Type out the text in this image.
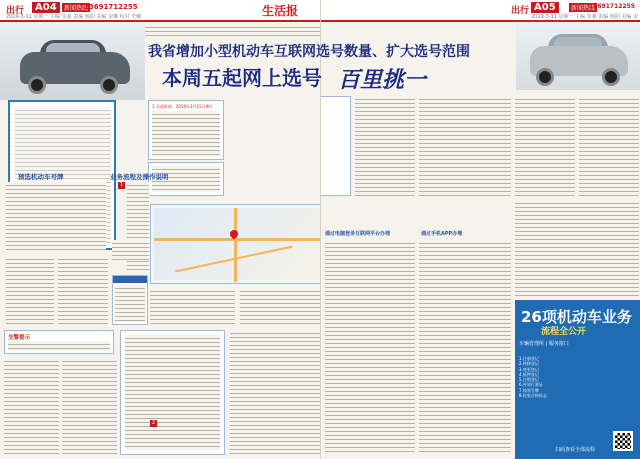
出行	A04	新闻热线
13691712255
2019-3-11 星期一 主编 朱强 责编 杨阳 美编 宋琳 校对 史曦	生活报
1.开通时间：2019年3月15日9时
预选机动车号牌	业务流程及操作说明
1
交警提示
2
新闻热线
13691712255
A05
出行
2019-3-11 星期一 主编 朱强 责编 杨阳 美编 宋
通过电脑登录互联网平台办理	通过手机APP办理
26项机动车业务
流程全公开
车辆管理所 | 服务窗口
1.注册登记
2.转移登记
3.变更登记
4.抵押登记
5.注销登记
6.补领行驶证
7.换领号牌
8.检验合格标志
扫码查看全部流程
我省增加小型机动车互联网选号数量、扩大选号范围
本周五起网上选号 百里挑一
